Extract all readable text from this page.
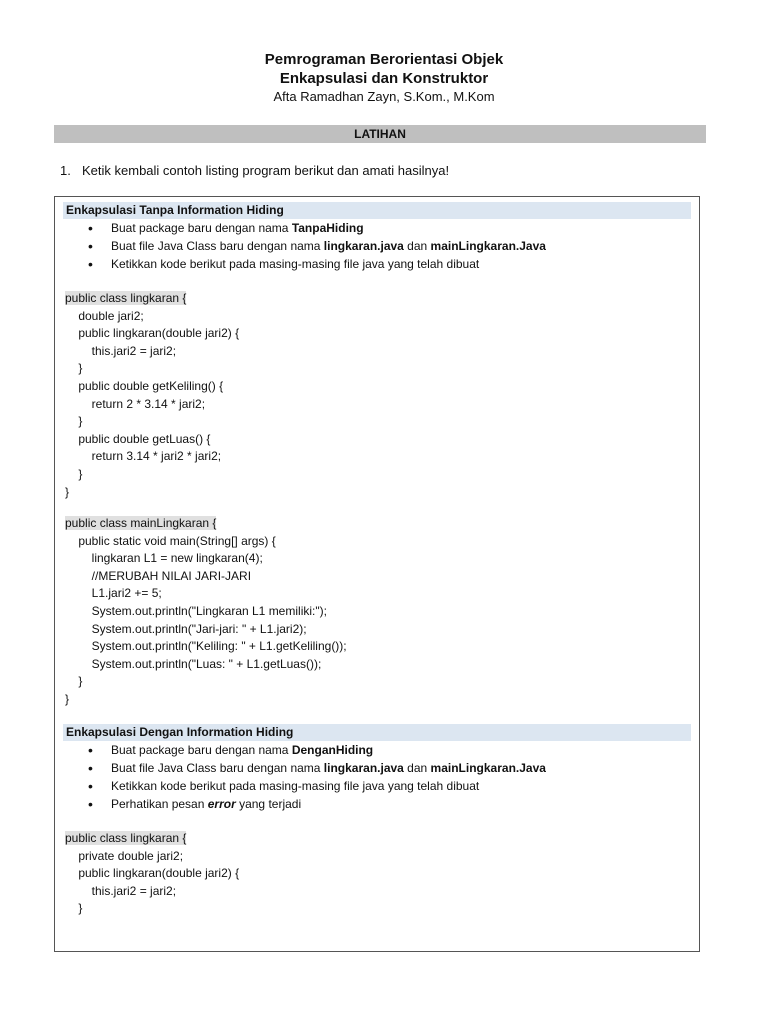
Pemrograman Berorientasi Objek
Enkapsulasi dan Konstruktor
Afta Ramadhan Zayn, S.Kom., M.Kom
LATIHAN
1. Ketik kembali contoh listing program berikut dan amati hasilnya!
Enkapsulasi Tanpa Information Hiding
• Buat package baru dengan nama TanpaHiding
• Buat file Java Class baru dengan nama lingkaran.java dan mainLingkaran.Java
• Ketikkan kode berikut pada masing-masing file java yang telah dibuat
public class lingkaran {
double jari2;
public lingkaran(double jari2) {
this.jari2 = jari2;
}
public double getKeliling() {
return 2 * 3.14 * jari2;
}
public double getLuas() {
return 3.14 * jari2 * jari2;
}
}
public class mainLingkaran {
public static void main(String[] args) {
lingkaran L1 = new lingkaran(4);
//MERUBAH NILAI JARI-JARI
L1.jari2 += 5;
System.out.println("Lingkaran L1 memiliki:");
System.out.println("Jari-jari: " + L1.jari2);
System.out.println("Keliling: " + L1.getKeliling());
System.out.println("Luas: " + L1.getLuas());
}
}
Enkapsulasi Dengan Information Hiding
• Buat package baru dengan nama DenganHiding
• Buat file Java Class baru dengan nama lingkaran.java dan mainLingkaran.Java
• Ketikkan kode berikut pada masing-masing file java yang telah dibuat
• Perhatikan pesan error yang terjadi
public class lingkaran {
private double jari2;
public lingkaran(double jari2) {
this.jari2 = jari2;
}
